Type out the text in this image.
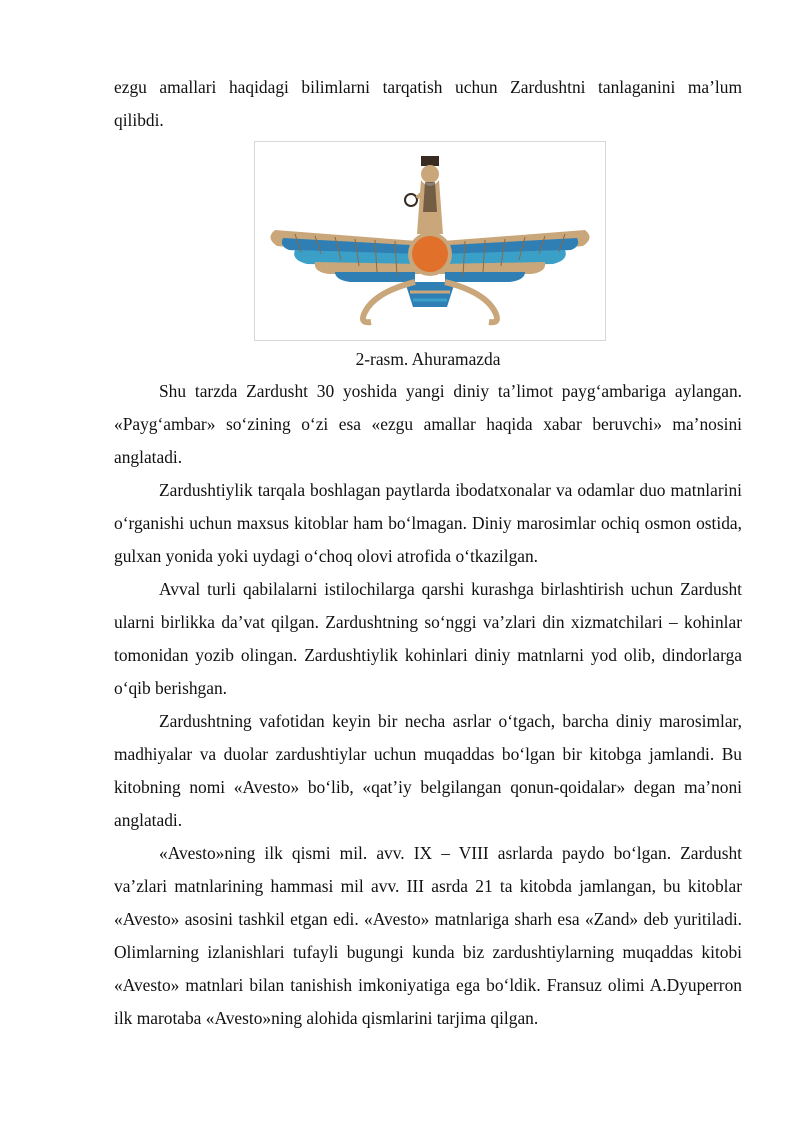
ezgu amallari haqidagi bilimlarni tarqatish uchun Zardushtni tanlaganini ma’lum

qilibdi.

2-rasm. Ahuramazda

Shu tarzda Zardusht 30 yoshida yangi diniy ta’limot payg‘ambariga aylangan. «Payg‘ambar» so‘zining o‘zi esa «ezgu amallar haqida xabar beruvchi» ma’nosini anglatadi.

Zardushtiylik tarqala boshlagan paytlarda ibodatxonalar va odamlar duo matnlarini o‘rganishi uchun maxsus kitoblar ham bo‘lmagan. Diniy marosimlar ochiq osmon ostida, gulxan yonida yoki uydagi o‘choq olovi atrofida o‘tkazilgan.

Avval turli qabilalarni istilochilarga qarshi kurashga birlashtirish uchun Zardusht ularni birlikka da’vat qilgan. Zardushtning so‘nggi va’zlari din xizmatchilari – kohinlar tomonidan yozib olingan. Zardushtiylik kohinlari diniy matnlarni yod olib, dindorlarga o‘qib berishgan.

Zardushtning vafotidan keyin bir necha asrlar o‘tgach, barcha diniy marosimlar, madhiyalar va duolar zardushtiylar uchun muqaddas bo‘lgan bir kitobga jamlandi. Bu kitobning nomi «Avesto» bo‘lib, «qat’iy belgilangan qonun-qoidalar» degan ma’noni anglatadi.

«Avesto»ning ilk qismi mil. avv. IX – VIII asrlarda paydo bo‘lgan. Zardusht va’zlari matnlarining hammasi mil avv. III asrda 21 ta kitobda jamlangan, bu kitoblar «Avesto» asosini tashkil etgan edi. «Avesto» matnlariga sharh esa «Zand» deb yuritiladi. Olimlarning izlanishlari tufayli bugungi kunda biz zardushtiylarning muqaddas kitobi «Avesto» matnlari bilan tanishish imkoniyatiga ega bo‘ldik. Fransuz olimi A.Dyuperron ilk marotaba «Avesto»ning alohida qismlarini tarjima qilgan.
